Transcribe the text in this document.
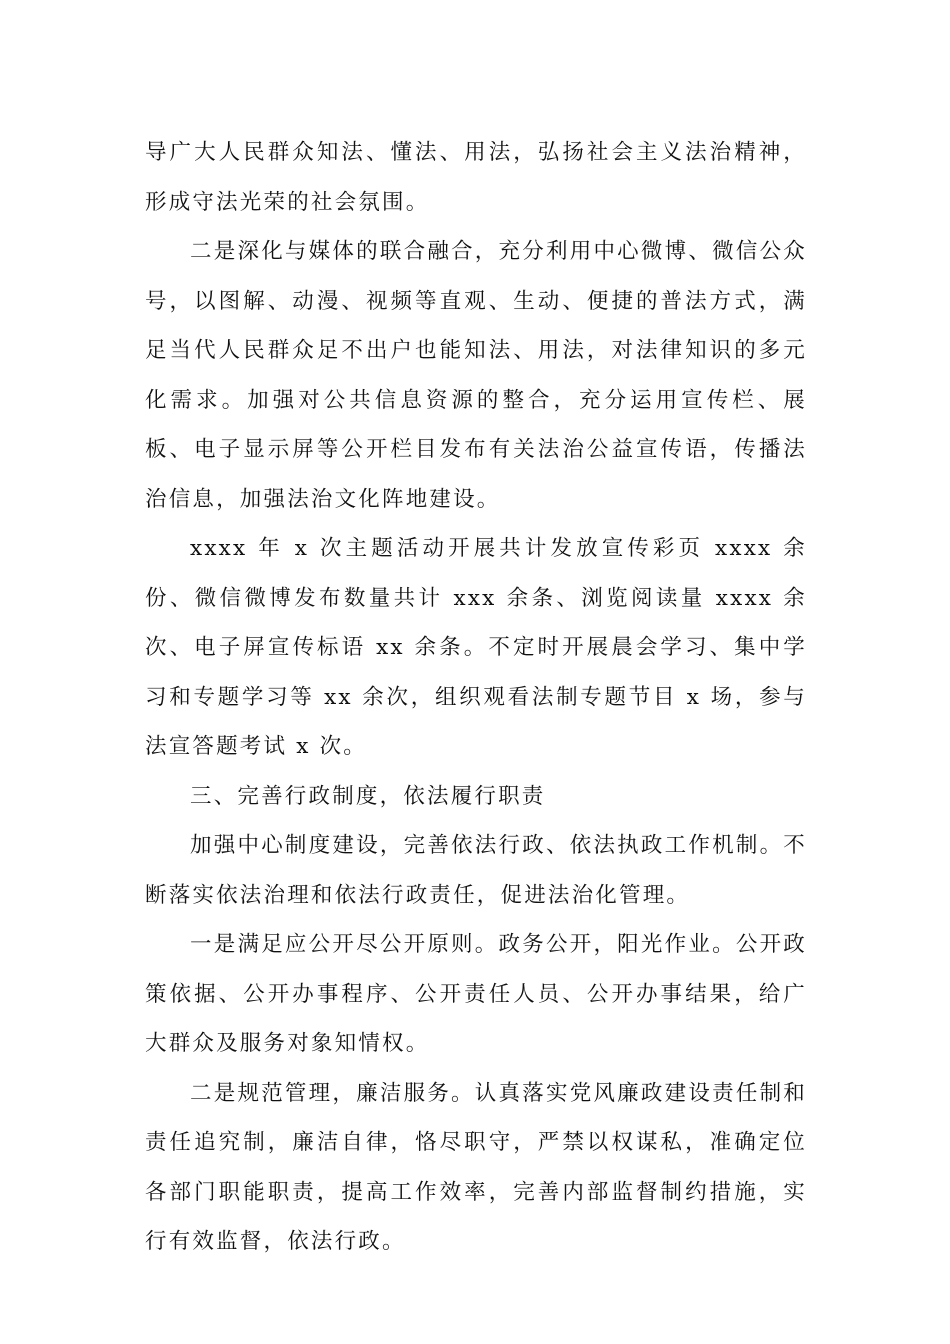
导广大人民群众知法、懂法、用法，弘扬社会主义法治精神，形成守法光荣的社会氛围。

二是深化与媒体的联合融合，充分利用中心微博、微信公众号，以图解、动漫、视频等直观、生动、便捷的普法方式，满足当代人民群众足不出户也能知法、用法，对法律知识的多元化需求。加强对公共信息资源的整合，充分运用宣传栏、展板、电子显示屏等公开栏目发布有关法治公益宣传语，传播法治信息，加强法治文化阵地建设。

xxxx 年 x 次主题活动开展共计发放宣传彩页 xxxx 余份、微信微博发布数量共计 xxx 余条、浏览阅读量 xxxx 余次、电子屏宣传标语 xx 余条。不定时开展晨会学习、集中学习和专题学习等 xx 余次，组织观看法制专题节目 x 场，参与法宣答题考试 x 次。

三、完善行政制度，依法履行职责

加强中心制度建设，完善依法行政、依法执政工作机制。不断落实依法治理和依法行政责任，促进法治化管理。

一是满足应公开尽公开原则。政务公开，阳光作业。公开政策依据、公开办事程序、公开责任人员、公开办事结果，给广大群众及服务对象知情权。

二是规范管理，廉洁服务。认真落实党风廉政建设责任制和责任追究制，廉洁自律，恪尽职守，严禁以权谋私，准确定位各部门职能职责，提高工作效率，完善内部监督制约措施，实行有效监督，依法行政。
